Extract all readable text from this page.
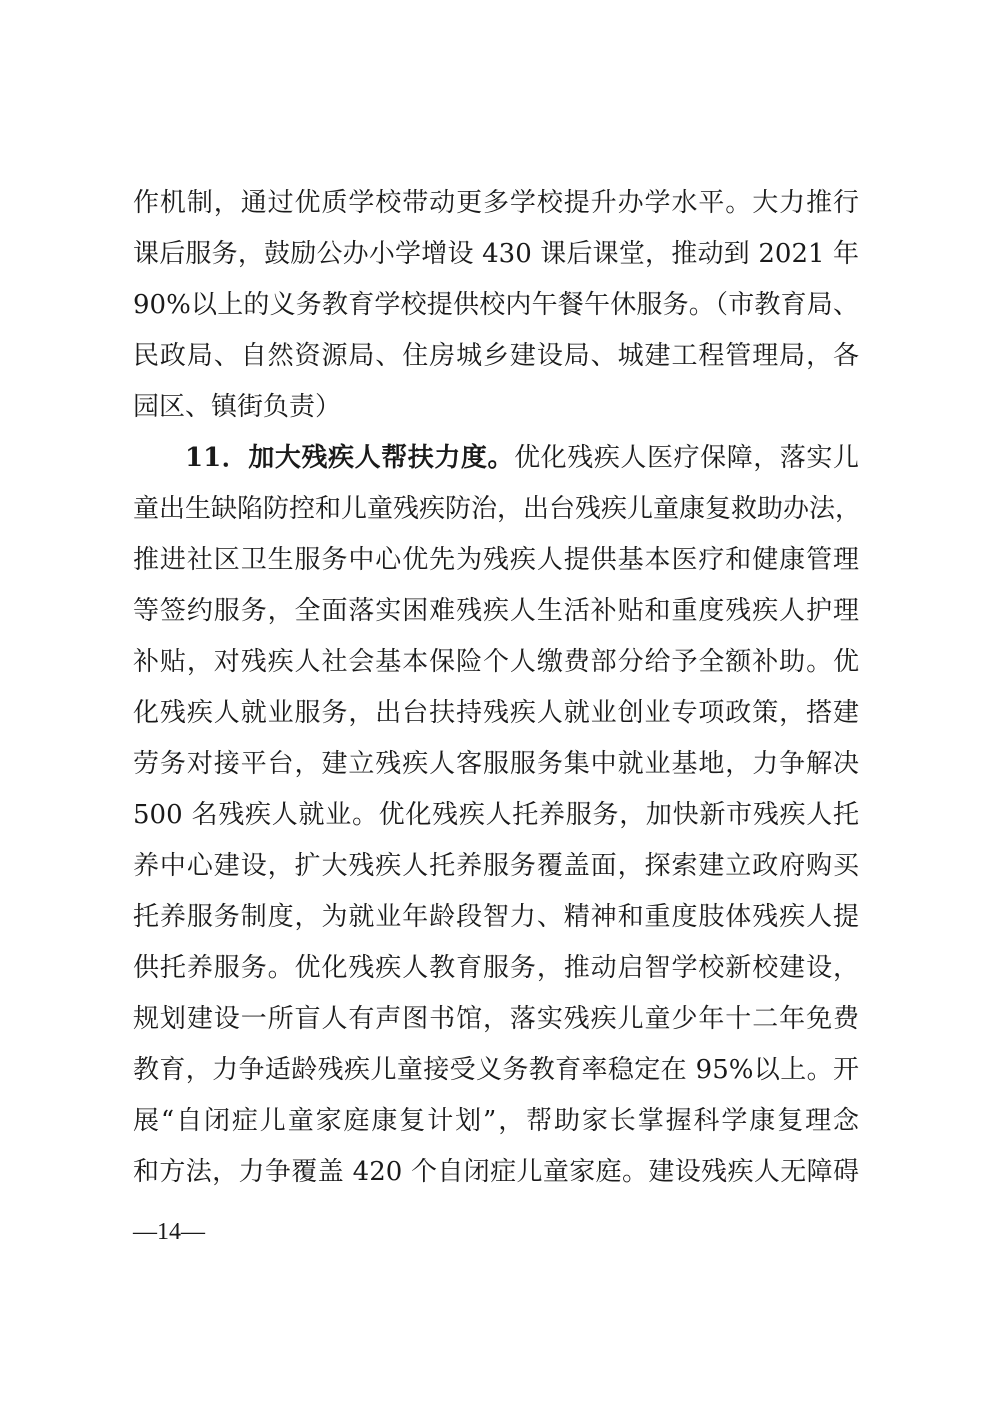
作机制，通过优质学校带动更多学校提升办学水平。大力推行
课后服务，鼓励公办小学增设 430 课后课堂，推动到 2021 年
90%以上的义务教育学校提供校内午餐午休服务。（市教育局、
民政局、自然资源局、住房城乡建设局、城建工程管理局，各
园区、镇街负责）
11．加大残疾人帮扶力度。优化残疾人医疗保障，落实儿
童出生缺陷防控和儿童残疾防治，出台残疾儿童康复救助办法，
推进社区卫生服务中心优先为残疾人提供基本医疗和健康管理
等签约服务，全面落实困难残疾人生活补贴和重度残疾人护理
补贴，对残疾人社会基本保险个人缴费部分给予全额补助。优
化残疾人就业服务，出台扶持残疾人就业创业专项政策，搭建
劳务对接平台，建立残疾人客服服务集中就业基地，力争解决
500 名残疾人就业。优化残疾人托养服务，加快新市残疾人托
养中心建设，扩大残疾人托养服务覆盖面，探索建立政府购买
托养服务制度，为就业年龄段智力、精神和重度肢体残疾人提
供托养服务。优化残疾人教育服务，推动启智学校新校建设，
规划建设一所盲人有声图书馆，落实残疾儿童少年十二年免费
教育，力争适龄残疾儿童接受义务教育率稳定在 95%以上。开
展“自闭症儿童家庭康复计划”，帮助家长掌握科学康复理念
和方法，力争覆盖 420 个自闭症儿童家庭。建设残疾人无障碍
—14—
